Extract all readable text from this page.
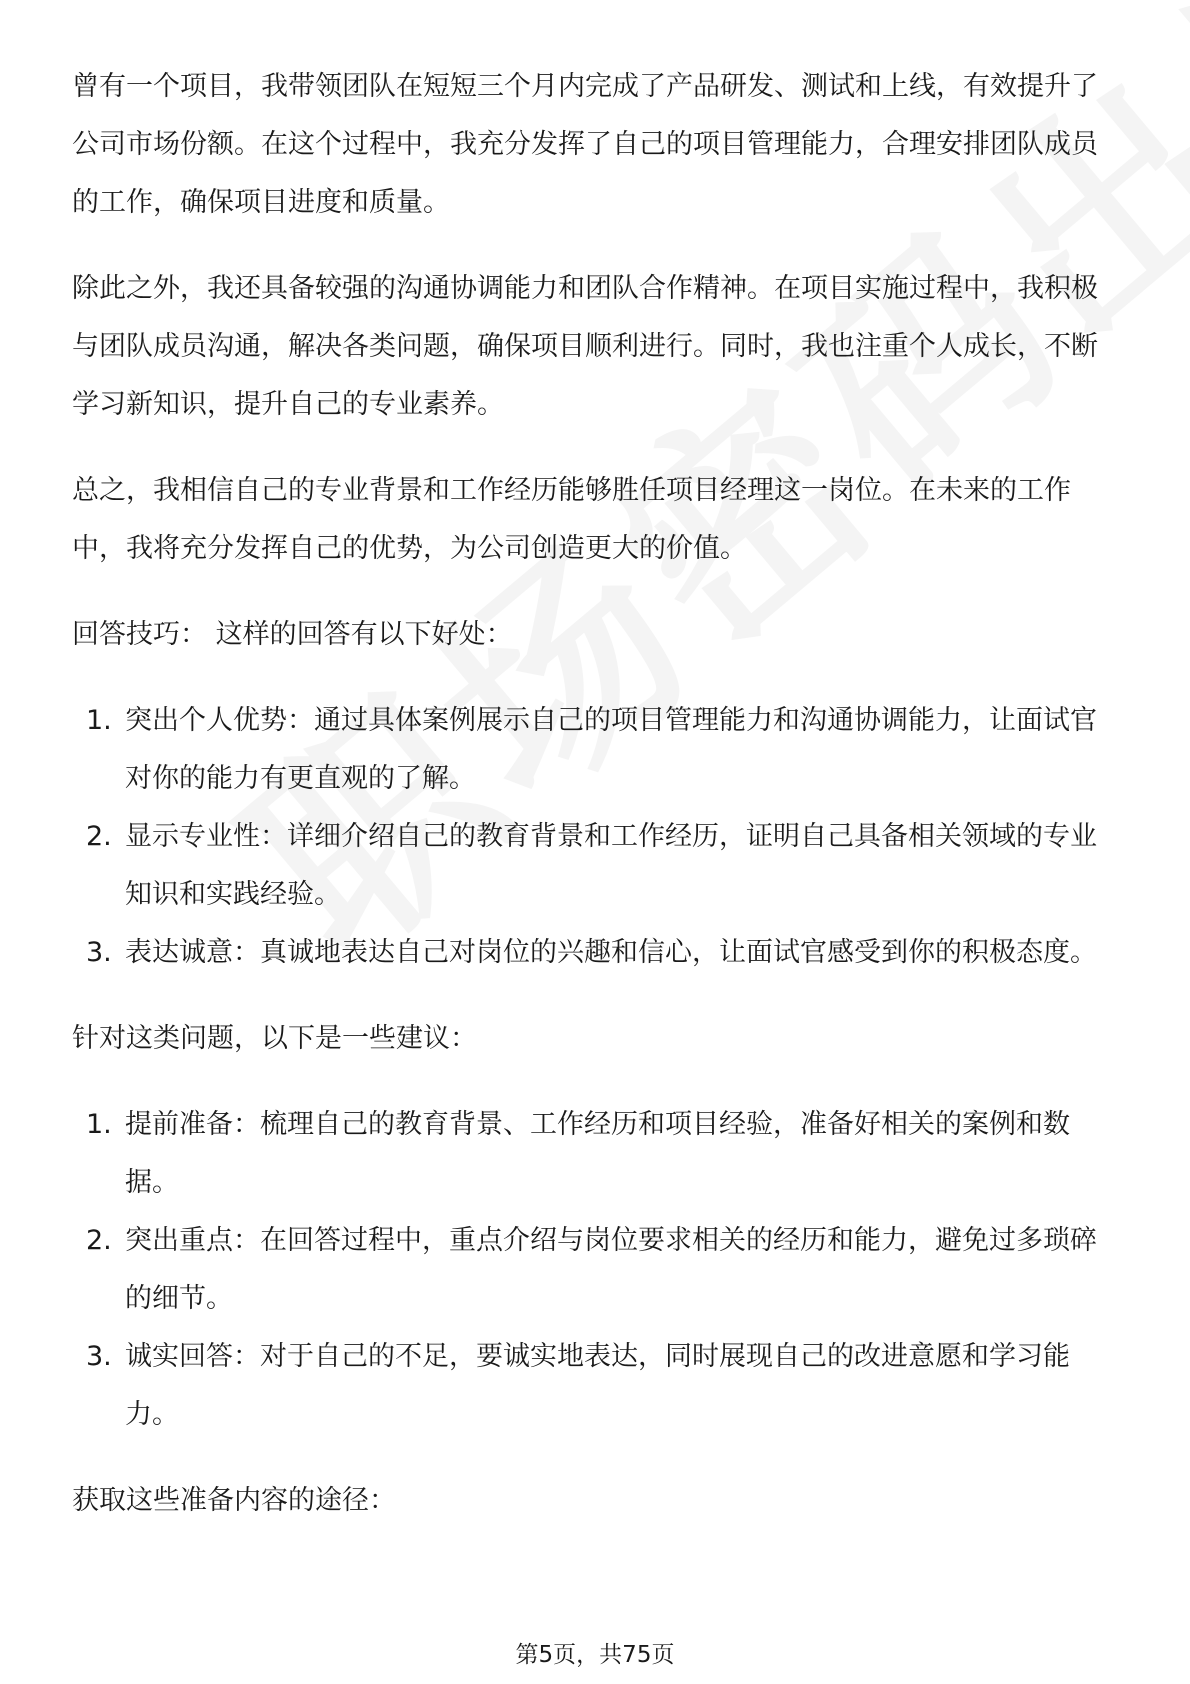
曾有一个项目，我带领团队在短短三个月内完成了产品研发、测试和上线，有效提升了公司市场份额。在这个过程中，我充分发挥了自己的项目管理能力，合理安排团队成员的工作，确保项目进度和质量。

除此之外，我还具备较强的沟通协调能力和团队合作精神。在项目实施过程中，我积极与团队成员沟通，解决各类问题，确保项目顺利进行。同时，我也注重个人成长，不断学习新知识，提升自己的专业素养。

总之，我相信自己的专业背景和工作经历能够胜任项目经理这一岗位。在未来的工作中，我将充分发挥自己的优势，为公司创造更大的价值。

回答技巧： 这样的回答有以下好处：

1. 突出个人优势：通过具体案例展示自己的项目管理能力和沟通协调能力，让面试官对你的能力有更直观的了解。
2. 显示专业性：详细介绍自己的教育背景和工作经历，证明自己具备相关领域的专业知识和实践经验。
3. 表达诚意：真诚地表达自己对岗位的兴趣和信心，让面试官感受到你的积极态度。

针对这类问题，以下是一些建议：

1. 提前准备：梳理自己的教育背景、工作经历和项目经验，准备好相关的案例和数据。
2. 突出重点：在回答过程中，重点介绍与岗位要求相关的经历和能力，避免过多琐碎的细节。
3. 诚实回答：对于自己的不足，要诚实地表达，同时展现自己的改进意愿和学习能力。

获取这些准备内容的途径：

第5页，共75页
